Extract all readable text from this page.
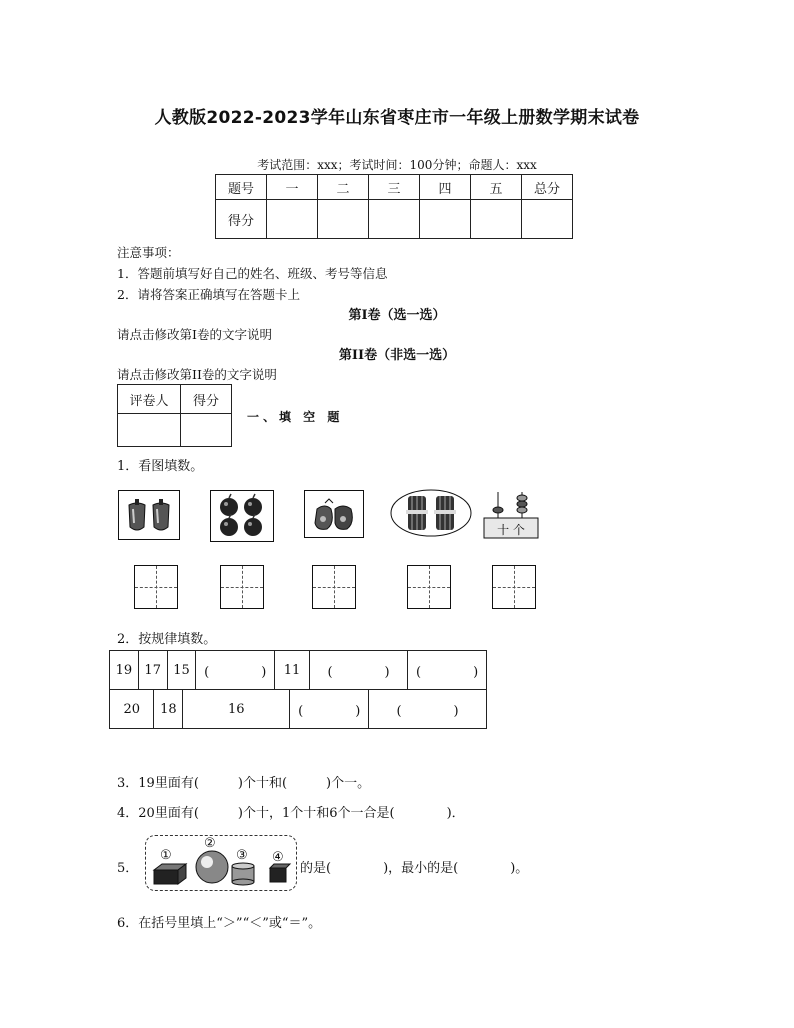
人教版2022-2023学年山东省枣庄市一年级上册数学期末试卷
考试范围：xxx；考试时间：100分钟；命题人：xxx
题号	一	二	三	四	五	总分
得分						
注意事项：
1．答题前填写好自己的姓名、班级、考号等信息
2．请将答案正确填写在答题卡上
第I卷（选一选）
请点击修改第I卷的文字说明
第II卷（非选一选）
请点击修改第II卷的文字说明
评卷人	得分

一、填 空 题
1．看图填数。
十 个
2．按规律填数。
19	17	15	(　　　　)	11	(　　　　)	(　　　　)
20	18	16	(　　　　)	(　　　　)
3．19里面有(　　　)个十和(　　　)个一。
4．20里面有(　　　)个十，1个十和6个一合是(　　　　)．
5．
①
②
③ ④
的是(　　　　)，最小的是(　　　　)。
6．在括号里填上“＞”“＜”或“＝”。
